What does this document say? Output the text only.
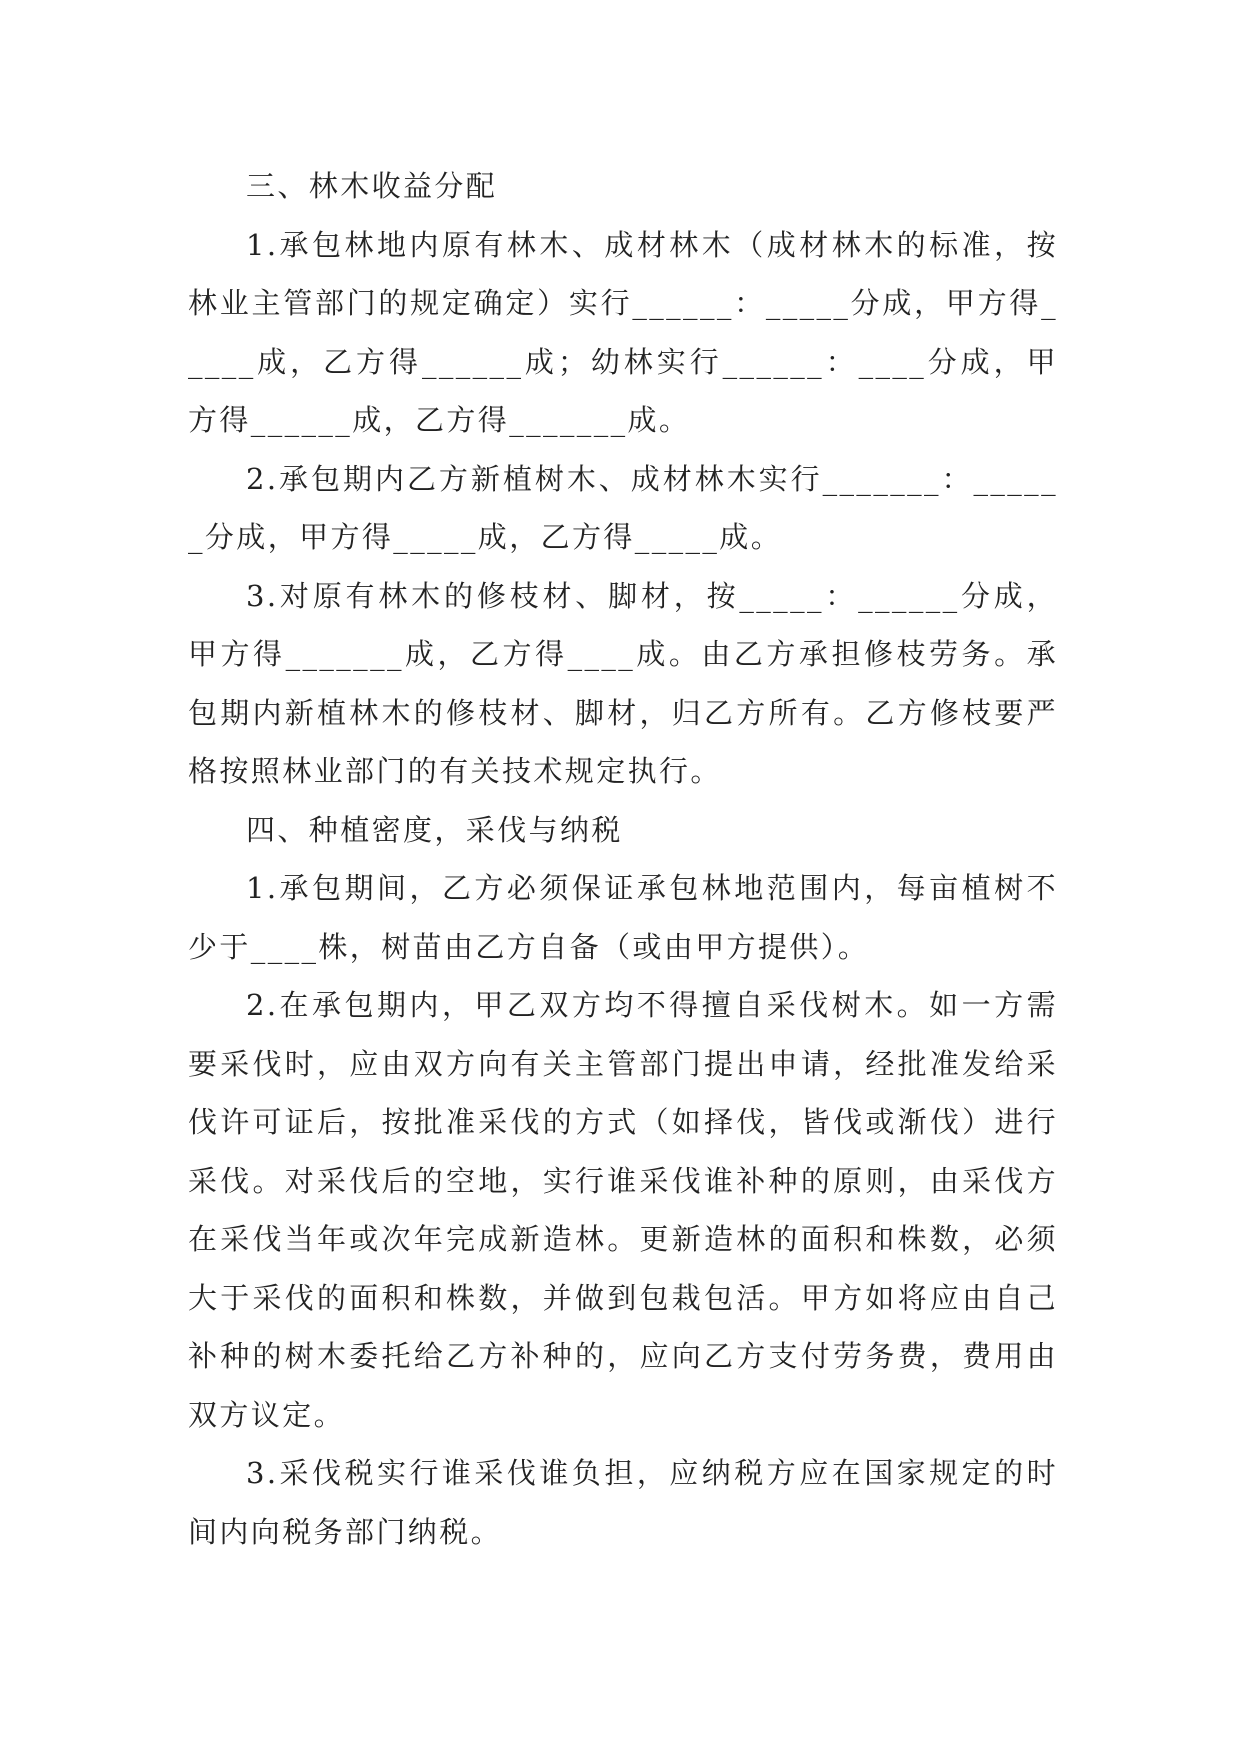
三、林木收益分配

1.承包林地内原有林木、成材林木（成材林木的标准，按林业主管部门的规定确定）实行______：_____分成，甲方得_____成，乙方得______成；幼林实行______：____分成，甲方得______成，乙方得_______成。

2.承包期内乙方新植树木、成材林木实行_______：______分成，甲方得_____成，乙方得_____成。

3.对原有林木的修枝材、脚材，按_____：______分成，甲方得_______成，乙方得____成。由乙方承担修枝劳务。承包期内新植林木的修枝材、脚材，归乙方所有。乙方修枝要严格按照林业部门的有关技术规定执行。

四、种植密度，采伐与纳税

1.承包期间，乙方必须保证承包林地范围内，每亩植树不少于____株，树苗由乙方自备（或由甲方提供）。

2.在承包期内，甲乙双方均不得擅自采伐树木。如一方需要采伐时，应由双方向有关主管部门提出申请，经批准发给采伐许可证后，按批准采伐的方式（如择伐，皆伐或渐伐）进行采伐。对采伐后的空地，实行谁采伐谁补种的原则，由采伐方在采伐当年或次年完成新造林。更新造林的面积和株数，必须大于采伐的面积和株数，并做到包栽包活。甲方如将应由自己补种的树木委托给乙方补种的，应向乙方支付劳务费，费用由双方议定。

3.采伐税实行谁采伐谁负担，应纳税方应在国家规定的时间内向税务部门纳税。
